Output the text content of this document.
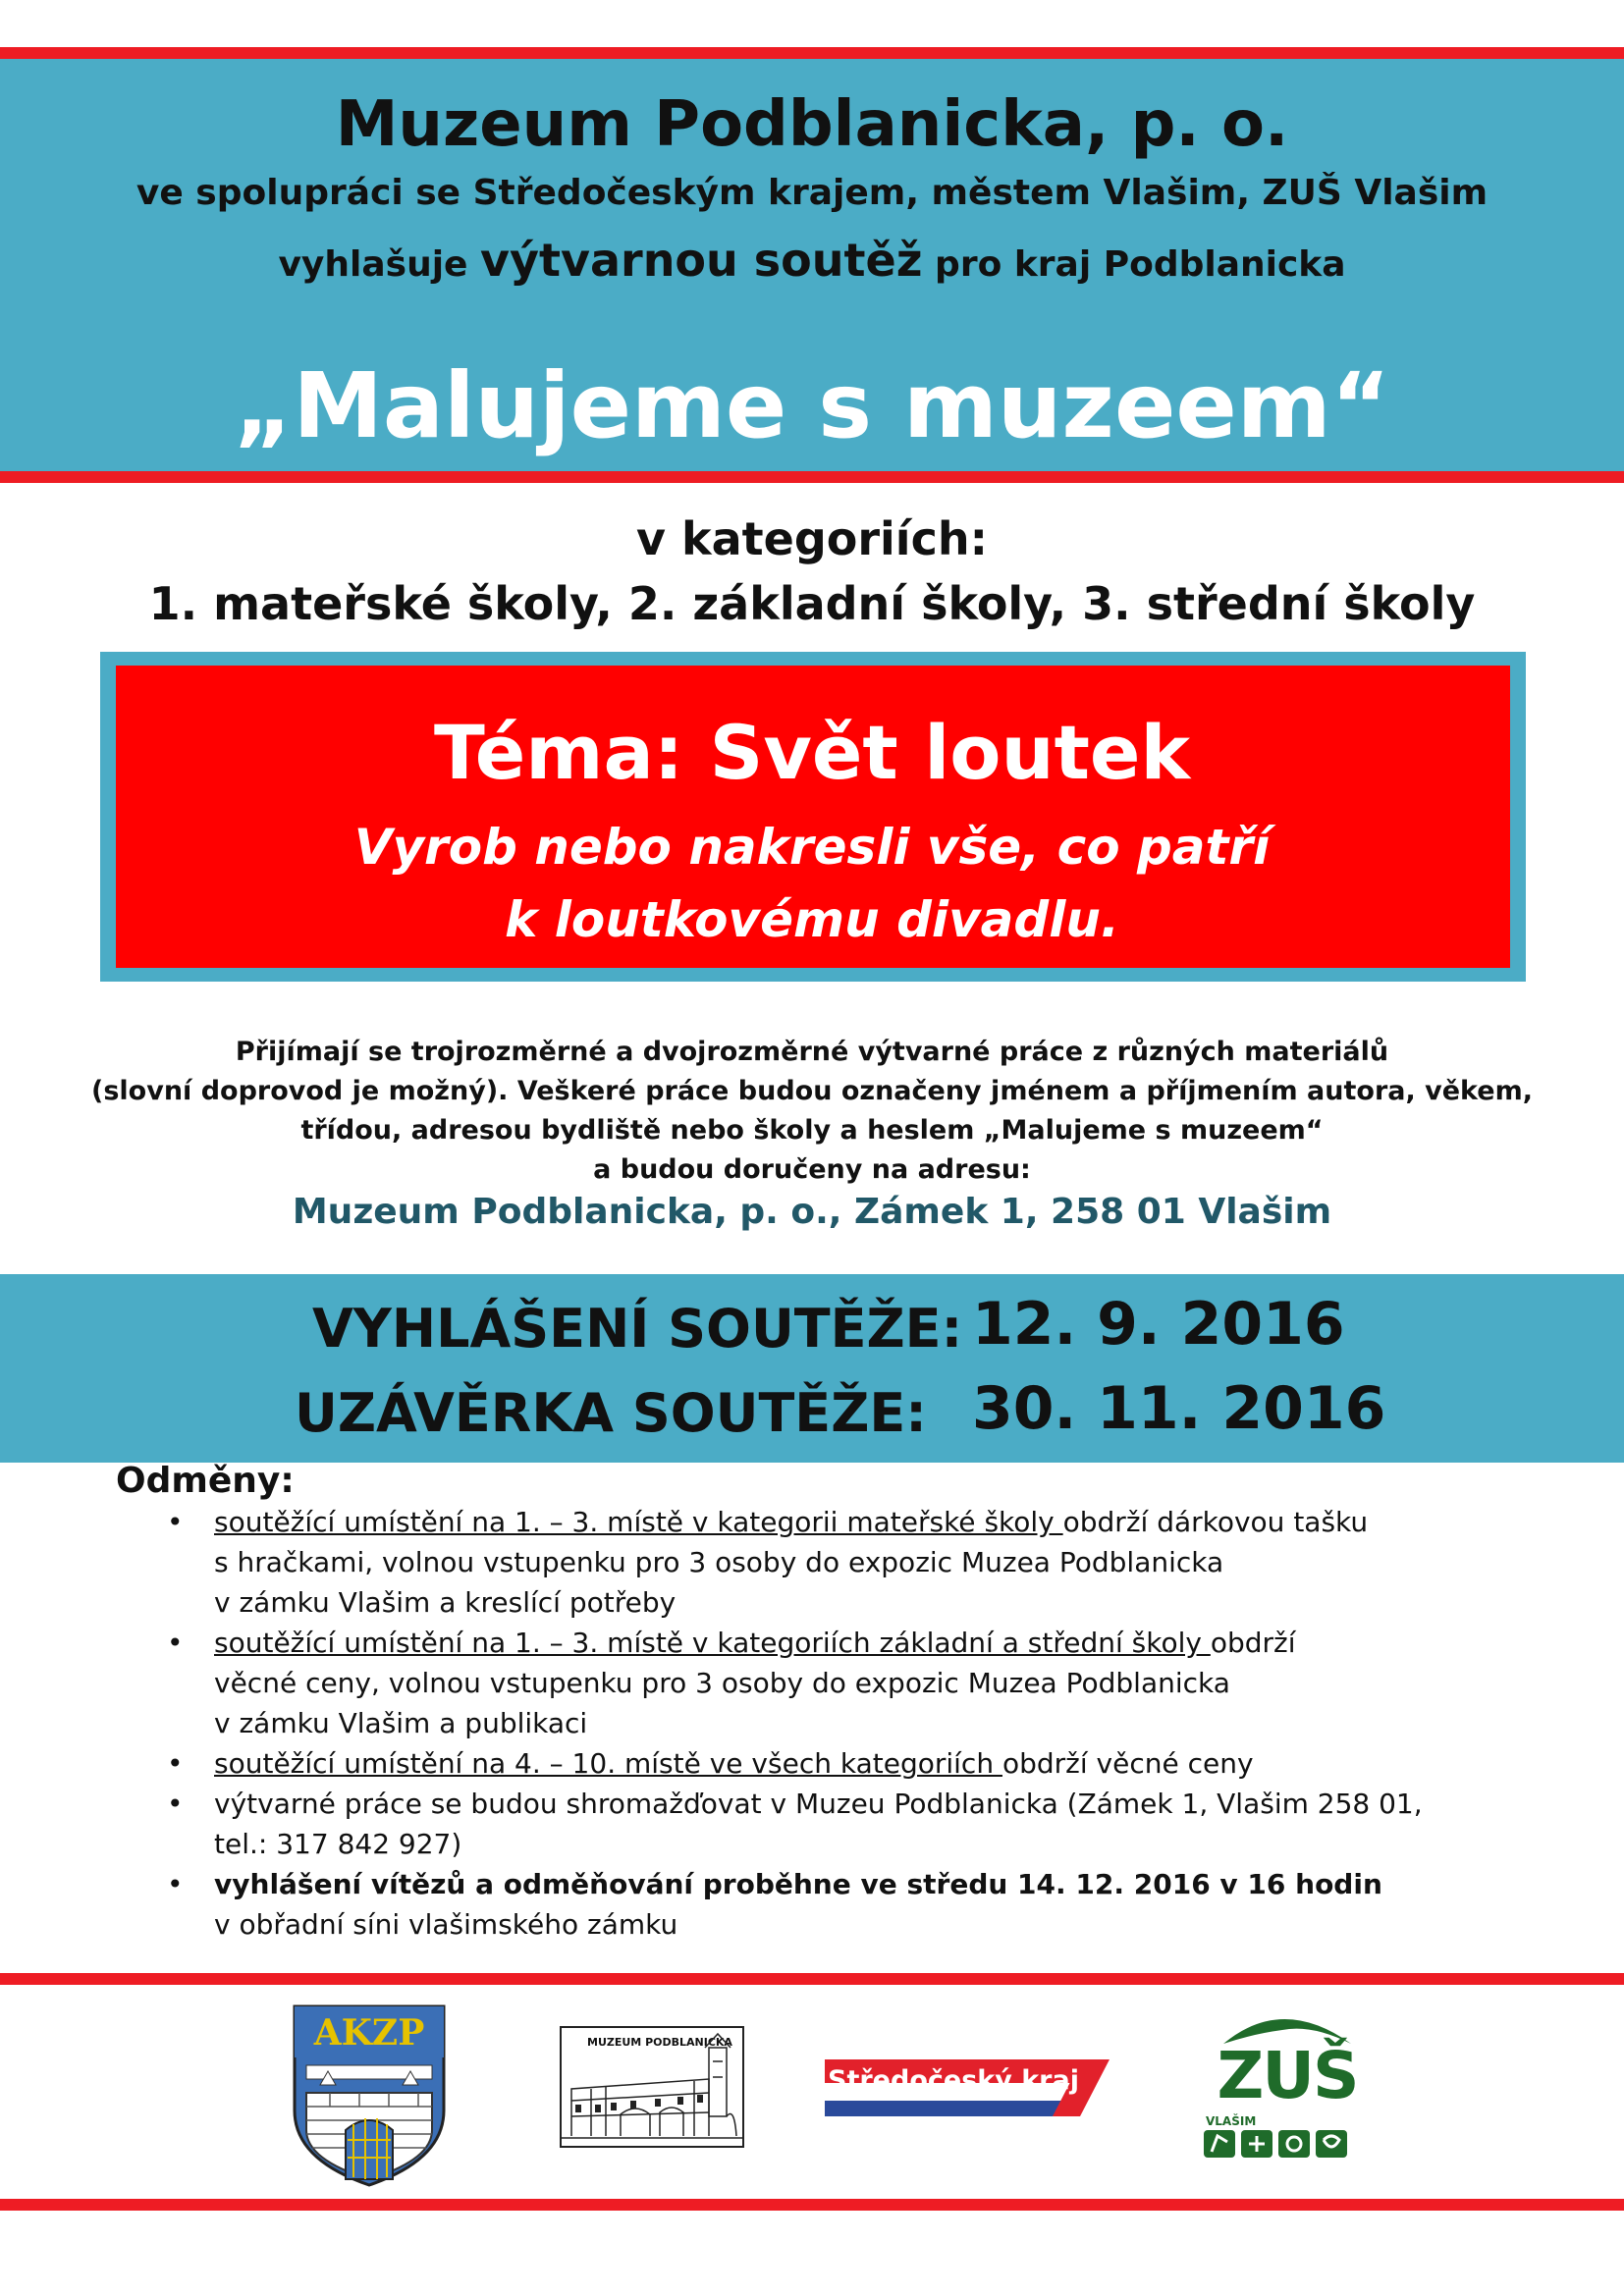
Muzeum Podblanicka, p. o.
ve spolupráci se Středočeským krajem, městem Vlašim, ZUŠ Vlašim
vyhlašuje výtvarnou soutěž pro kraj Podblanicka
„Malujeme s muzeem“
v kategoriích:
1. mateřské školy, 2. základní školy, 3. střední školy
Téma: Svět loutek
Vyrob nebo nakresli vše, co patří
k loutkovému divadlu.
Přijímají se trojrozměrné a dvojrozměrné výtvarné práce z různých materiálů
(slovní doprovod je možný). Veškeré práce budou označeny jménem a příjmením autora, věkem,
třídou, adresou bydliště nebo školy a heslem „Malujeme s muzeem“
a budou doručeny na adresu:
Muzeum Podblanicka, p. o., Zámek 1, 258 01 Vlašim
VYHLÁŠENÍ SOUTĚŽE: 12. 9. 2016
UZÁVĚRKA SOUTĚŽE: 30. 11. 2016
Odměny:
• soutěžící umístění na 1. – 3. místě v kategorii mateřské školy obdrží dárkovou tašku
s hračkami, volnou vstupenku pro 3 osoby do expozic Muzea Podblanicka
v zámku Vlašim a kreslící potřeby
• soutěžící umístění na 1. – 3. místě v kategoriích základní a střední školy obdrží
věcné ceny, volnou vstupenku pro 3 osoby do expozic Muzea Podblanicka
v zámku Vlašim a publikaci
• soutěžící umístění na 4. – 10. místě ve všech kategoriích obdrží věcné ceny
• výtvarné práce se budou shromažďovat v Muzeu Podblanicka (Zámek 1, Vlašim 258 01,
tel.: 317 842 927)
• vyhlášení vítězů a odměňování proběhne ve středu 14. 12. 2016 v 16 hodin
v obřadní síni vlašimského zámku
AKZP	MUZEUM PODBLANICKA
Středočeský kraj	ZUŠ
VLAŠIM
